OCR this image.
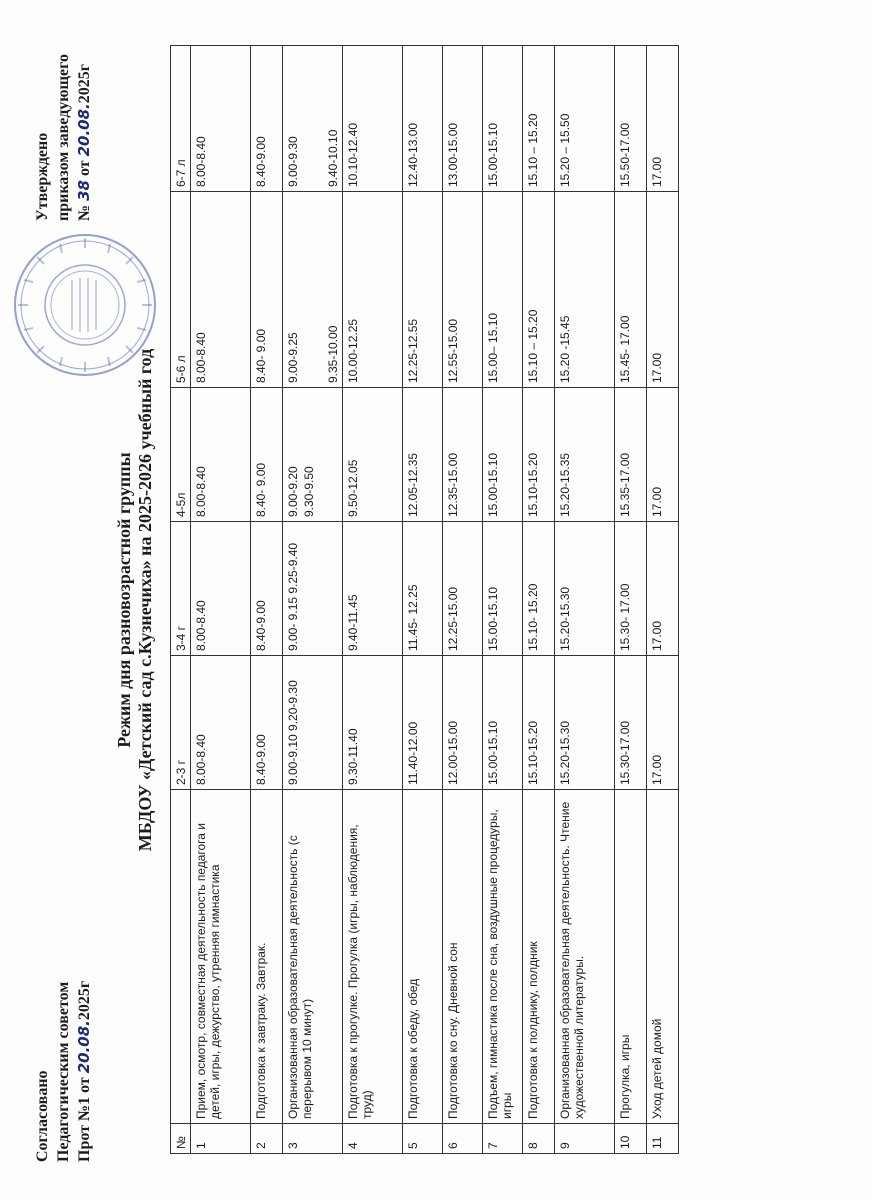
Согласовано Педагогическим советом Прот №1 от 20.08.2025г
Утверждено приказом заведующего № 38 от 20.08.2025г
Режим дня разновозрастной группы МБДОУ «Детский сад с.Кузнечиха» на 2025-2026 учебный год
№		2-3 г	3-4 г	4-5л	5-6 л	6-7 л
1	Прием, осмотр, совместная деятельность педагога и детей, игры, дежурство, утренняя гимнастика	8.00-8.40	8.00-8.40	8.00-8.40	8.00-8.40	8.00-8.40
2	Подготовка к завтраку. Завтрак.	8.40-9.00	8.40-9.00	8.40- 9.00	8.40- 9.00	8.40-9.00
3	Организованная образовательная деятельность (с перерывом 10 минут)	9.00-9.10 9.20-9.30	9.00- 9.15 9.25-9.40	9.00-9.20 9.30-9.50	9.00-9.25 9.35-10.00	9.00-9.30 9.40-10.10

4	Подготовка к прогулке. Прогулка (игры, наблюдения, труд)	9.30-11.40	9.40-11.45	9.50-12.05	10.00-12.25	10.10-12.40
5	Подготовка к обеду, обед	11.40-12.00	11.45- 12.25	12.05-12.35	12.25-12.55	12.40-13.00
6	Подготовка ко сну. Дневной сон	12.00-15.00	12.25-15.00	12.35-15.00	12.55-15.00	13.00-15.00
7	Подъем, гимнастика после сна, воздушные процедуры, игры	15.00-15.10	15.00-15.10	15.00-15.10	15.00– 15.10	15.00-15.10
8	Подготовка к полднику, полдник	15.10-15.20	15.10- 15.20	15.10-15.20	15.10 – 15.20	15.10 – 15.20
9	Организованная образовательная деятельность. Чтение художественной литературы.	15.20-15.30	15.20-15.30	15.20-15.35	15.20 -15.45	15.20 – 15.50
10	Прогулка, игры	15.30-17.00	15.30- 17.00	15.35-17.00	15.45- 17.00	15.50-17.00
11	Уход детей домой	17.00	17.00	17.00	17.00	17.00
